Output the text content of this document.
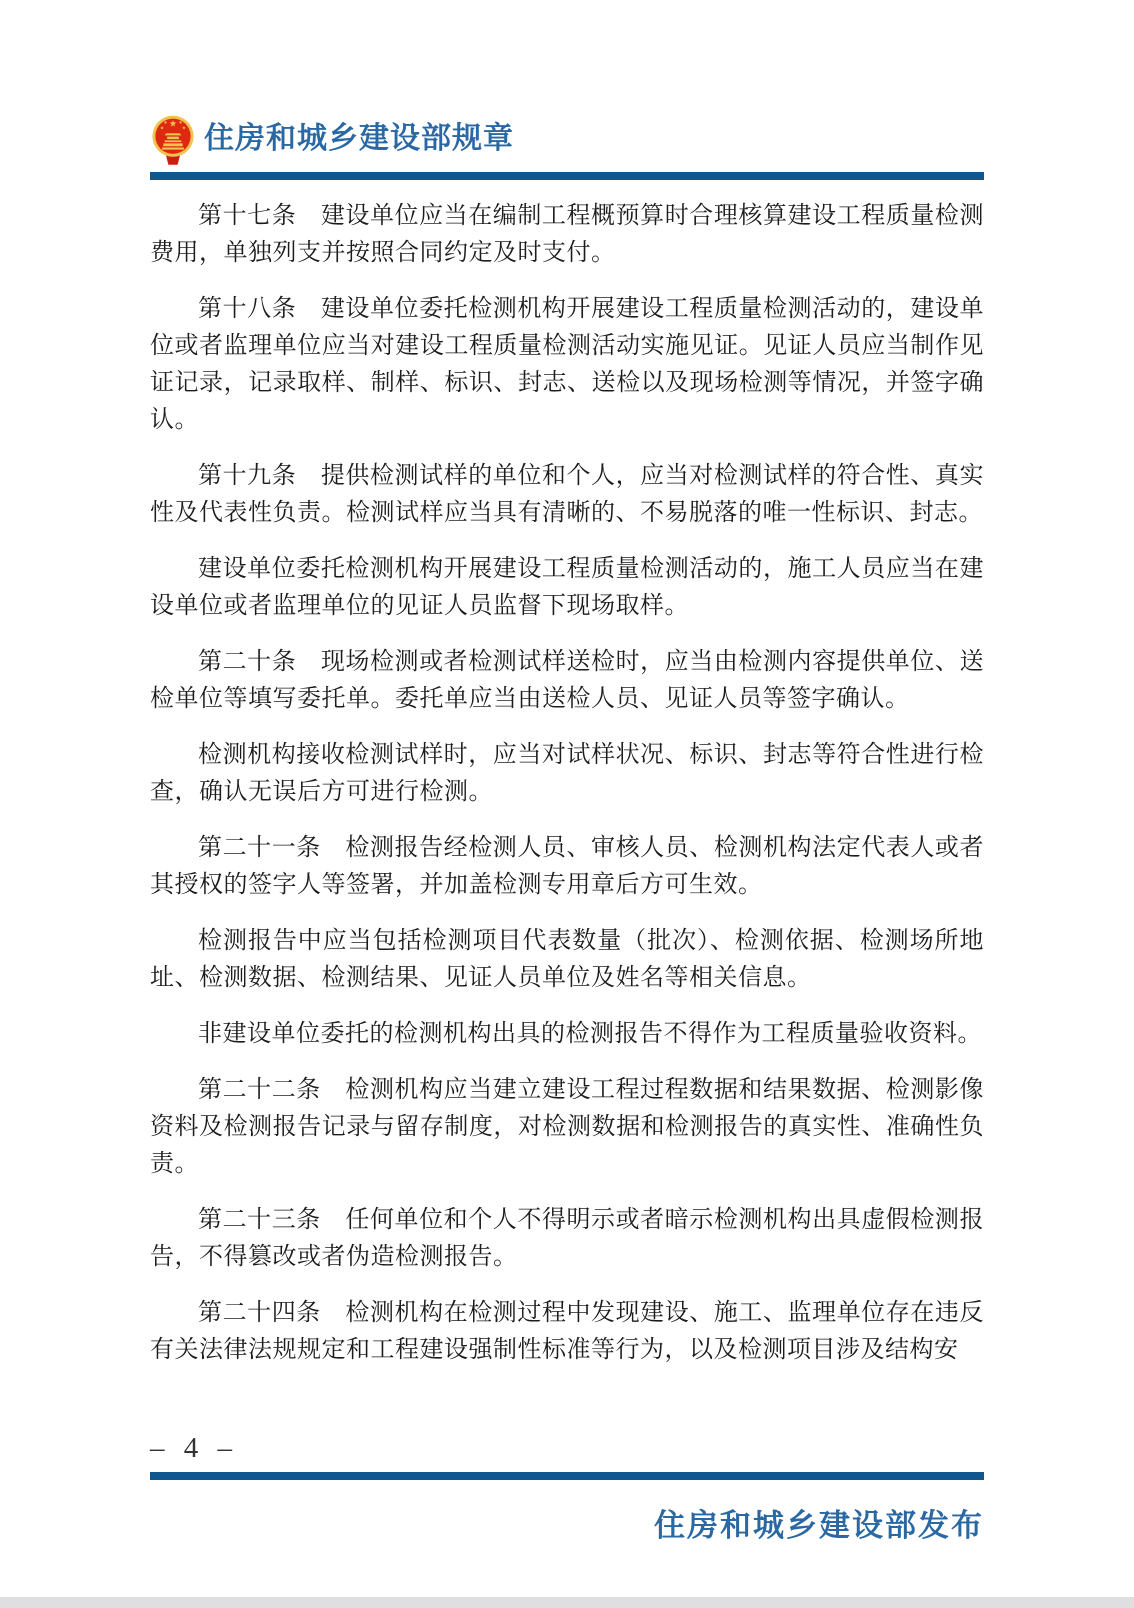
住房和城乡建设部规章

第十七条　建设单位应当在编制工程概预算时合理核算建设工程质量检测费用，单独列支并按照合同约定及时支付。

第十八条　建设单位委托检测机构开展建设工程质量检测活动的，建设单位或者监理单位应当对建设工程质量检测活动实施见证。见证人员应当制作见证记录，记录取样、制样、标识、封志、送检以及现场检测等情况，并签字确认。

第十九条　提供检测试样的单位和个人，应当对检测试样的符合性、真实性及代表性负责。检测试样应当具有清晰的、不易脱落的唯一性标识、封志。

建设单位委托检测机构开展建设工程质量检测活动的，施工人员应当在建设单位或者监理单位的见证人员监督下现场取样。

第二十条　现场检测或者检测试样送检时，应当由检测内容提供单位、送检单位等填写委托单。委托单应当由送检人员、见证人员等签字确认。

检测机构接收检测试样时，应当对试样状况、标识、封志等符合性进行检查，确认无误后方可进行检测。

第二十一条　检测报告经检测人员、审核人员、检测机构法定代表人或者其授权的签字人等签署，并加盖检测专用章后方可生效。

检测报告中应当包括检测项目代表数量（批次）、检测依据、检测场所地址、检测数据、检测结果、见证人员单位及姓名等相关信息。

非建设单位委托的检测机构出具的检测报告不得作为工程质量验收资料。

第二十二条　检测机构应当建立建设工程过程数据和结果数据、检测影像资料及检测报告记录与留存制度，对检测数据和检测报告的真实性、准确性负责。

第二十三条　任何单位和个人不得明示或者暗示检测机构出具虚假检测报告，不得篡改或者伪造检测报告。

第二十四条　检测机构在检测过程中发现建设、施工、监理单位存在违反有关法律法规规定和工程建设强制性标准等行为，以及检测项目涉及结构安

– 4 –
住房和城乡建设部发布
